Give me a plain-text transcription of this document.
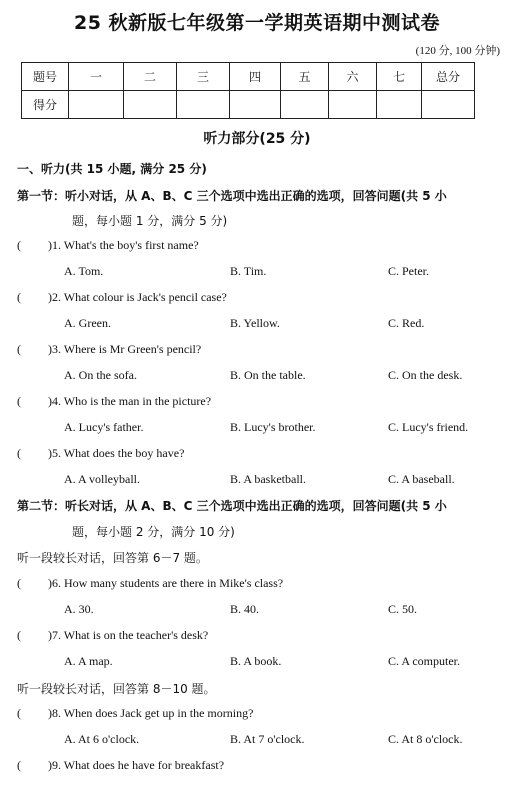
25 秋新版七年级第一学期英语期中测试卷
(120 分, 100 分钟)
题号	一	二	三	四	五	六	七	总分
得分								
听力部分(25 分)
一、听力(共 15 小题, 满分 25 分)
第一节：听小对话，从 A、B、C 三个选项中选出正确的选项，回答问题(共 5 小
题，每小题 1 分，满分 5 分)
( )1. What's the boy's first name?
A. Tom.	B. Tim.	C. Peter.
( )2. What colour is Jack's pencil case?
A. Green.	B. Yellow.	C. Red.
( )3. Where is Mr Green's pencil?
A. On the sofa.	B. On the table.	C. On the desk.
( )4. Who is the man in the picture?
A. Lucy's father.	B. Lucy's brother.	C. Lucy's friend.
( )5. What does the boy have?
A. A volleyball.	B. A basketball.	C. A baseball.
第二节：听长对话，从 A、B、C 三个选项中选出正确的选项，回答问题(共 5 小
题，每小题 2 分，满分 10 分)
听一段较长对话，回答第 6－7 题。
( )6. How many students are there in Mike's class?
A. 30.	B. 40.	C. 50.
( )7. What is on the teacher's desk?
A. A map.	B. A book.	C. A computer.
听一段较长对话，回答第 8－10 题。
( )8. When does Jack get up in the morning?
A. At 6 o'clock.	B. At 7 o'clock.	C. At 8 o'clock.
( )9. What does he have for breakfast?
